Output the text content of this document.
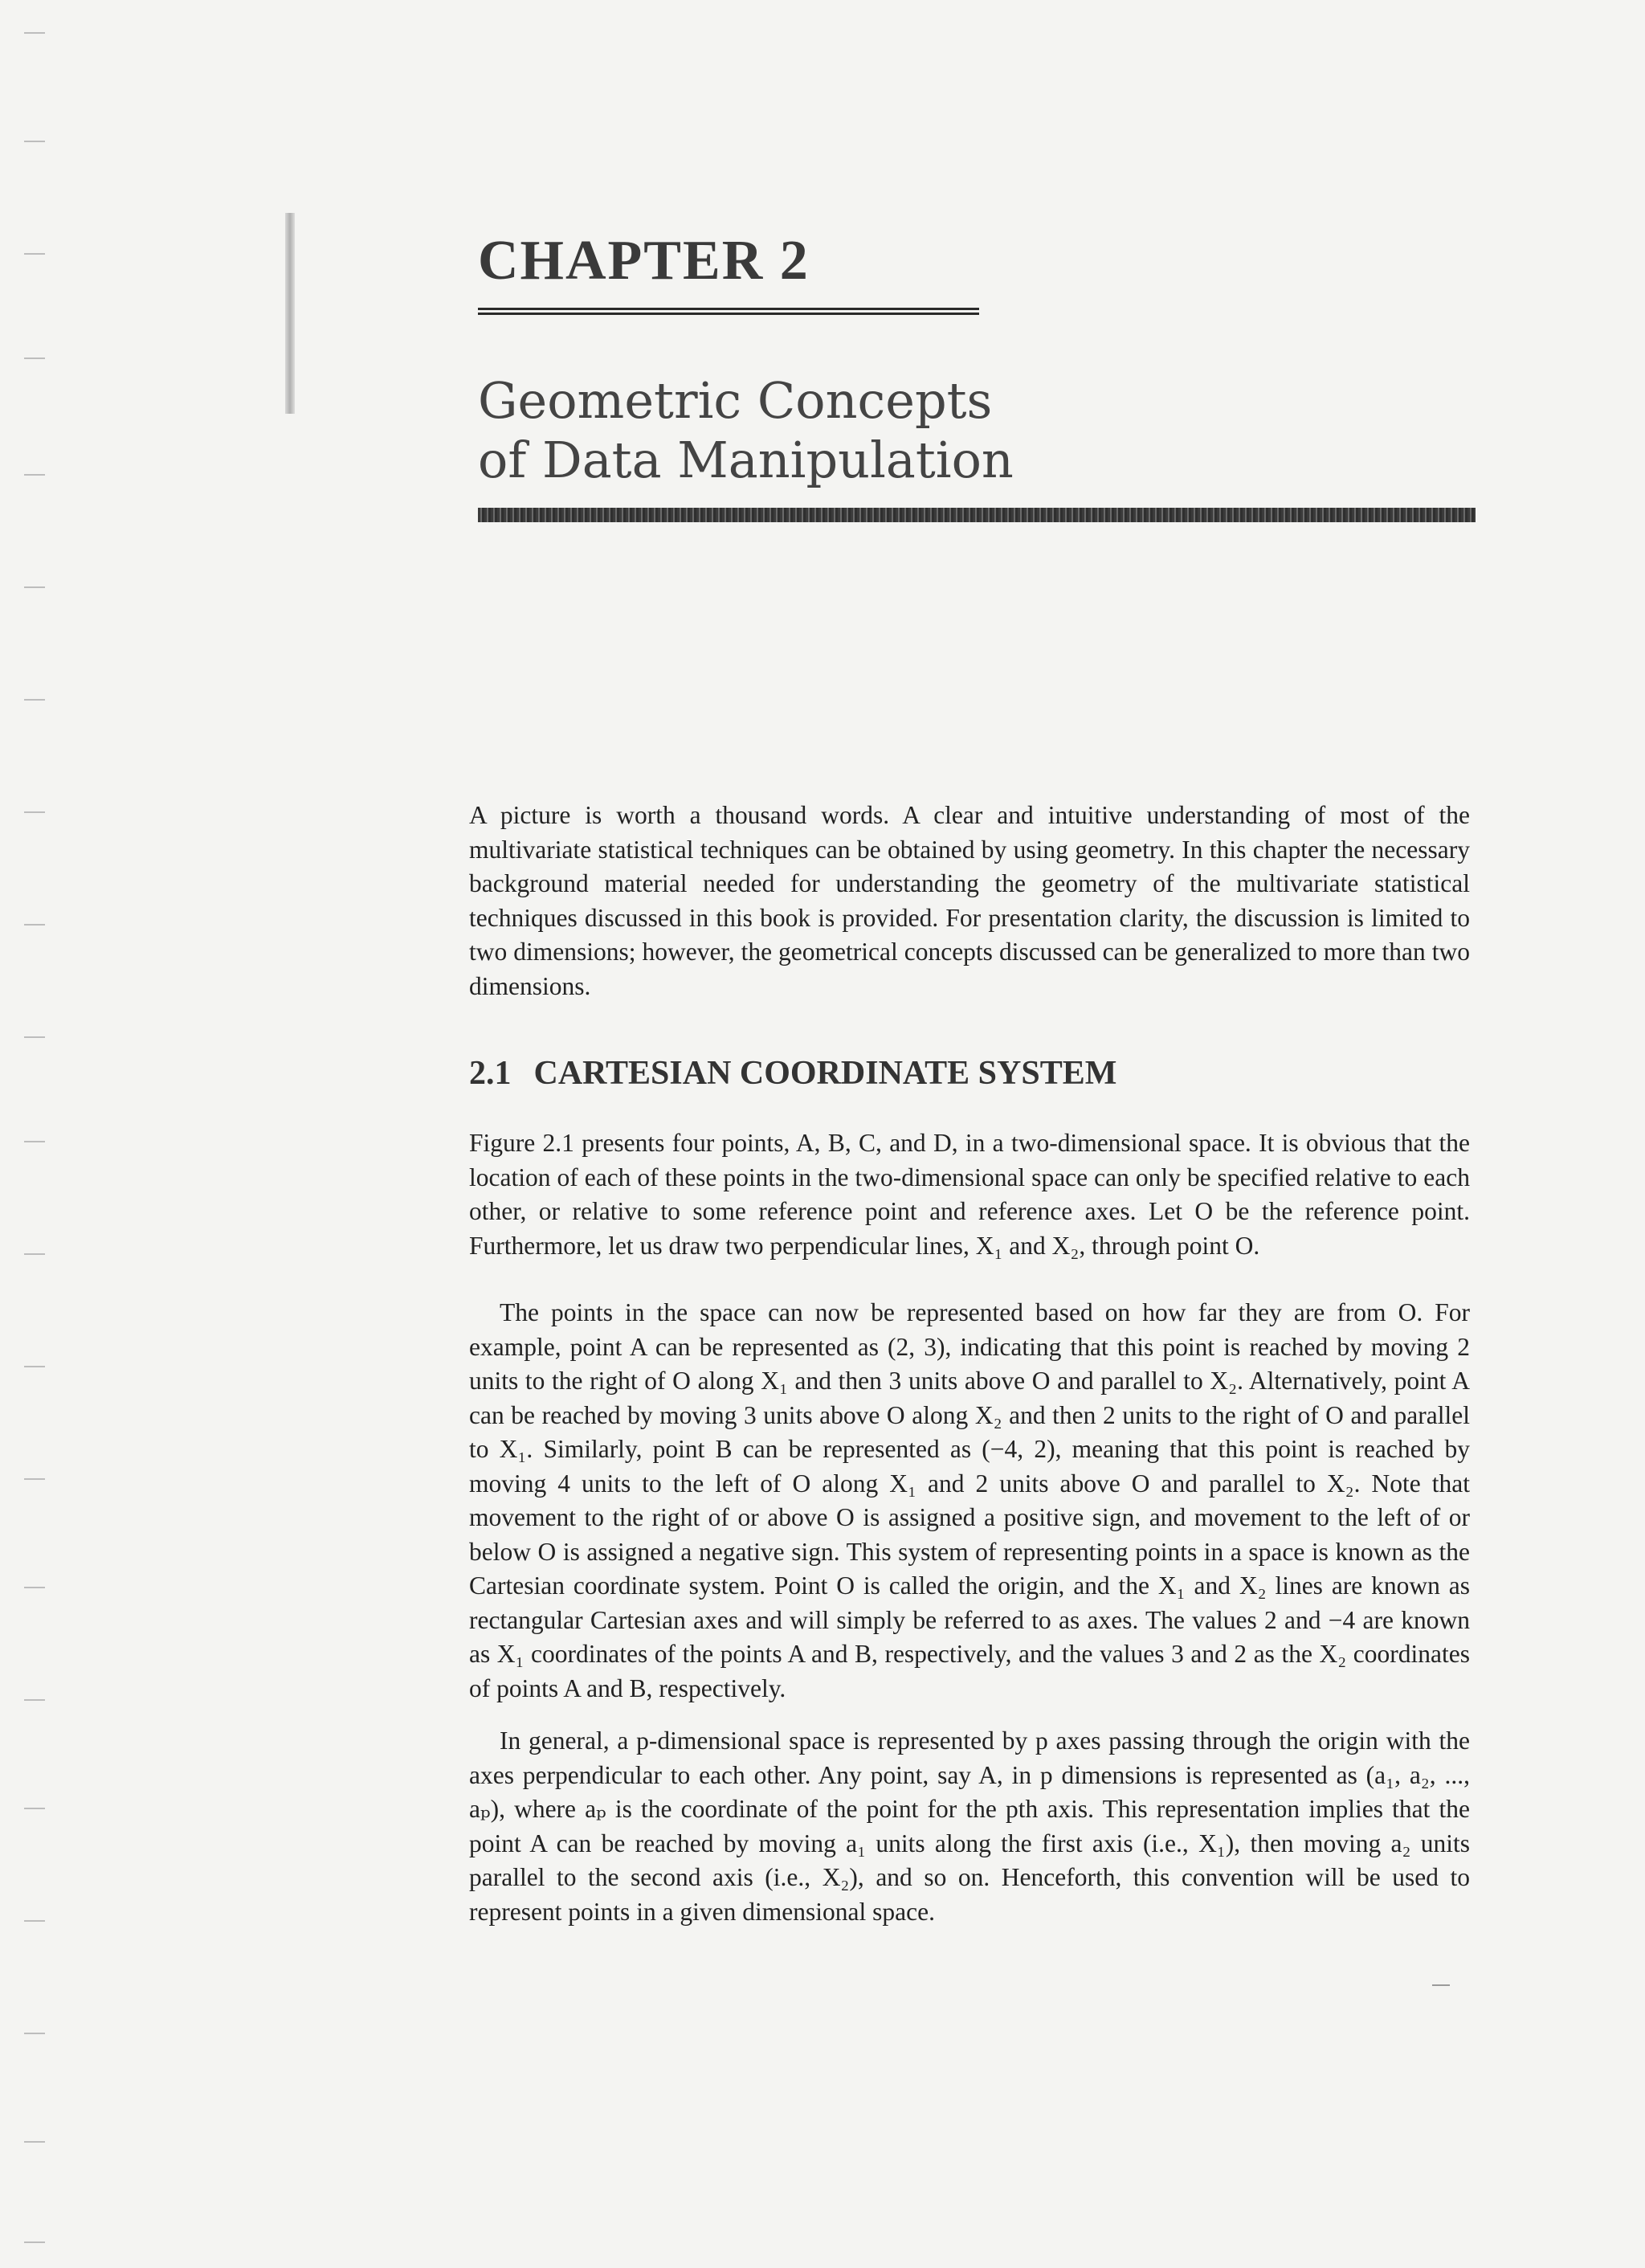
CHAPTER 2
Geometric Concepts
of Data Manipulation

A picture is worth a thousand words. A clear and intuitive understanding of most of the multivariate statistical techniques can be obtained by using geometry. In this chapter the necessary background material needed for understanding the geometry of the multivariate statistical techniques discussed in this book is provided. For presentation clarity, the discussion is limited to two dimensions; however, the geometrical concepts discussed can be generalized to more than two dimensions.

2.1 CARTESIAN COORDINATE SYSTEM

Figure 2.1 presents four points, A, B, C, and D, in a two-dimensional space. It is obvious that the location of each of these points in the two-dimensional space can only be specified relative to each other, or relative to some reference point and reference axes. Let O be the reference point. Furthermore, let us draw two perpendicular lines, X₁ and X₂, through point O.

The points in the space can now be represented based on how far they are from O. For example, point A can be represented as (2, 3), indicating that this point is reached by moving 2 units to the right of O along X₁ and then 3 units above O and parallel to X₂. Alternatively, point A can be reached by moving 3 units above O along X₂ and then 2 units to the right of O and parallel to X₁. Similarly, point B can be represented as (−4, 2), meaning that this point is reached by moving 4 units to the left of O along X₁ and 2 units above O and parallel to X₂. Note that movement to the right of or above O is assigned a positive sign, and movement to the left of or below O is assigned a negative sign. This system of representing points in a space is known as the Cartesian coordinate system. Point O is called the origin, and the X₁ and X₂ lines are known as rectangular Cartesian axes and will simply be referred to as axes. The values 2 and −4 are known as X₁ coordinates of the points A and B, respectively, and the values 3 and 2 as the X₂ coordinates of points A and B, respectively.

In general, a p-dimensional space is represented by p axes passing through the origin with the axes perpendicular to each other. Any point, say A, in p dimensions is represented as (a₁, a₂, ..., aₚ), where aₚ is the coordinate of the point for the pth axis. This representation implies that the point A can be reached by moving a₁ units along the first axis (i.e., X₁), then moving a₂ units parallel to the second axis (i.e., X₂), and so on. Henceforth, this convention will be used to represent points in a given dimensional space.
